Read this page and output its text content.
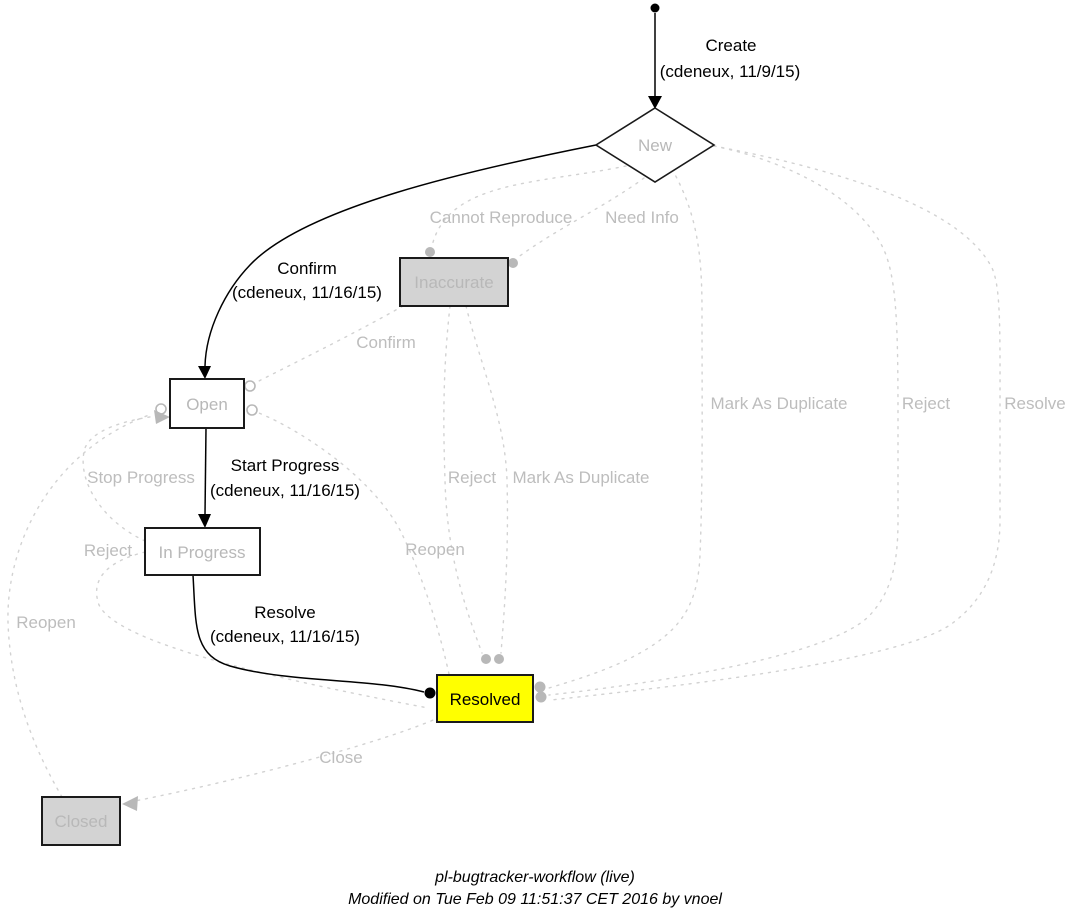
New
Inaccurate
Open
In Progress
Resolved
Closed
Create
(cdeneux, 11/9/15)
Confirm
(cdeneux, 11/16/15)
Start Progress
(cdeneux, 11/16/15)
Resolve
(cdeneux, 11/16/15)
Cannot Reproduce Need Info
Confirm
Mark As Duplicate	Reject	Resolve
Stop Progress	Reject Mark As Duplicate
Reject	Reopen
Reopen
Close
pl-bugtracker-workflow (live)
Modified on Tue Feb 09 11:51:37 CET 2016 by vnoel
